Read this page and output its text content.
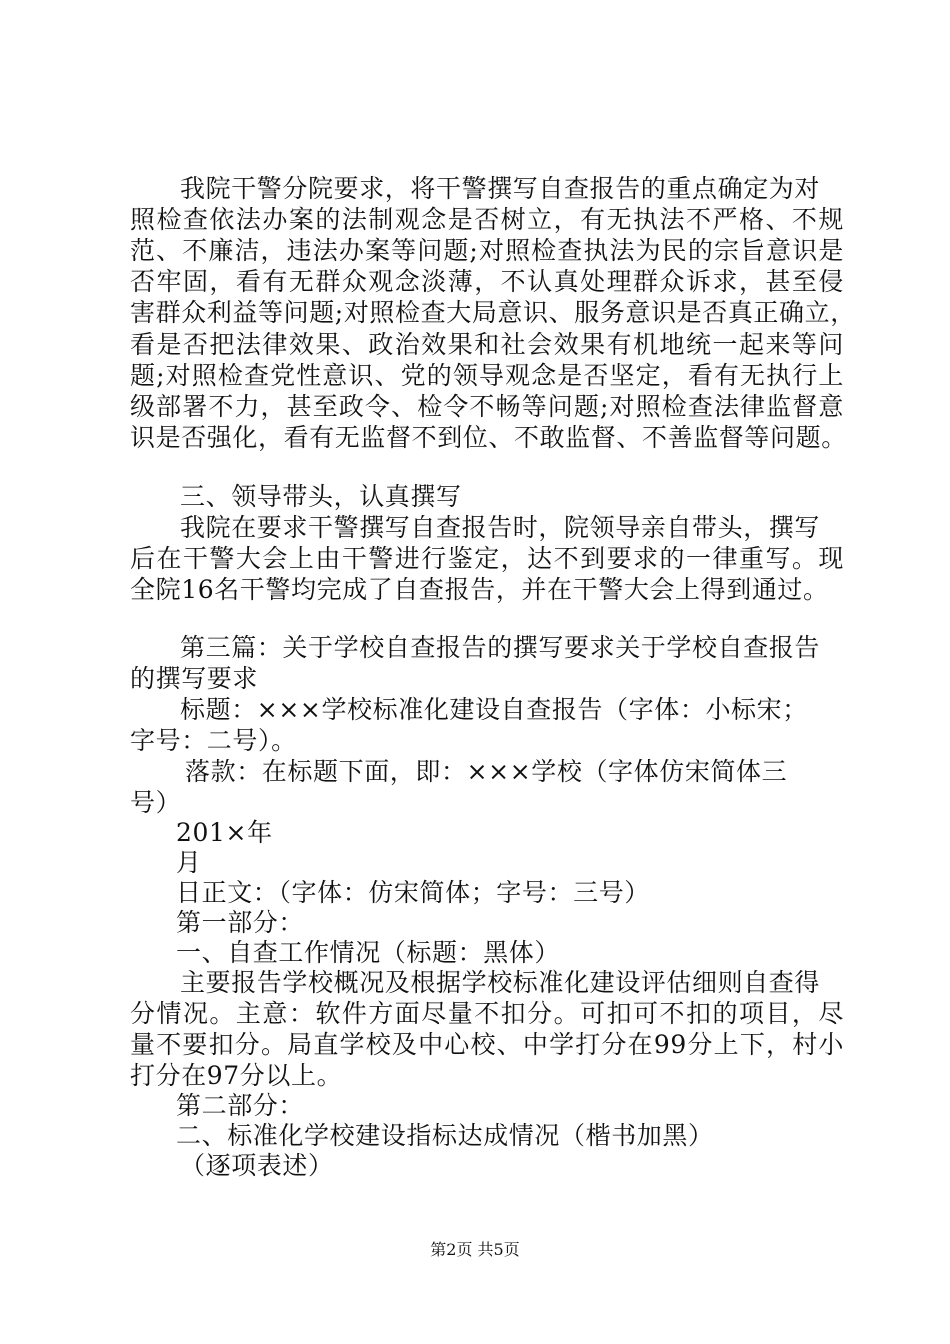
我院干警分院要求，将干警撰写自查报告的重点确定为对
照检查依法办案的法制观念是否树立，有无执法不严格、不规
范、不廉洁，违法办案等问题;对照检查执法为民的宗旨意识是
否牢固，看有无群众观念淡薄，不认真处理群众诉求，甚至侵
害群众利益等问题;对照检查大局意识、服务意识是否真正确立，
看是否把法律效果、政治效果和社会效果有机地统一起来等问
题;对照检查党性意识、党的领导观念是否坚定，看有无执行上
级部署不力，甚至政令、检令不畅等问题;对照检查法律监督意
识是否强化，看有无监督不到位、不敢监督、不善监督等问题。
三、领导带头，认真撰写
我院在要求干警撰写自查报告时，院领导亲自带头，撰写
后在干警大会上由干警进行鉴定，达不到要求的一律重写。现
全院16名干警均完成了自查报告，并在干警大会上得到通过。
第三篇：关于学校自查报告的撰写要求关于学校自查报告
的撰写要求
标题：×××学校标准化建设自查报告（字体：小标宋；
字号：二号）。
落款：在标题下面，即：×××学校（字体仿宋简体三
号）
201×年
月
日正文：（字体：仿宋简体；字号：三号）
第一部分：
一、自查工作情况（标题：黑体）
主要报告学校概况及根据学校标准化建设评估细则自查得
分情况。主意：软件方面尽量不扣分。可扣可不扣的项目，尽
量不要扣分。局直学校及中心校、中学打分在99分上下，村小
打分在97分以上。
第二部分：
二、标准化学校建设指标达成情况（楷书加黑）
（逐项表述）
第2页 共5页
